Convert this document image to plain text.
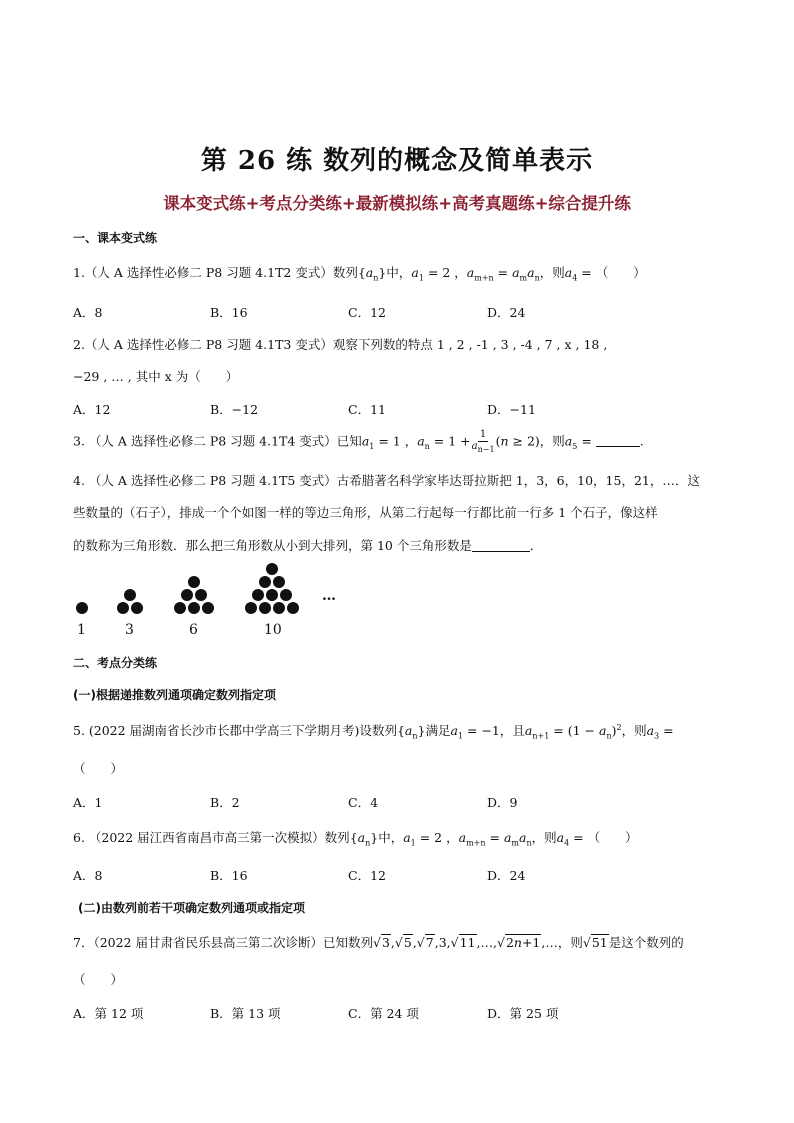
第 26 练 数列的概念及简单表示
课本变式练+考点分类练+最新模拟练+高考真题练+综合提升练
一、课本变式练
1.（人 A 选择性必修二 P8 习题 4.1T2 变式）数列$\{a_n\}$中，$a_1 = 2$ ，$a_{m+n} = a_ma_n$，则$a_4$ = （　　）
A．8	B．16	C．12	D．24
2.（人 A 选择性必修二 P8 习题 4.1T3 变式）观察下列数的特点 1 , 2 , -1 , 3 , -4 , 7 , x , 18 ,
−29 , … , 其中 x 为（　　）
A．12	B．−12	C．11	D．−11
3. （人 A 选择性必修二 P8 习题 4.1T4 变式）已知$a_1 = 1$ ，$a_n = 1 + \frac{1}{a_{n-1}} (n \ge 2)$，则$a_5$ =	.
4. （人 A 选择性必修二 P8 习题 4.1T5 变式）古希腊著名科学家毕达哥拉斯把 1，3，6，10，15，21，…．这
些数量的（石子），排成一个个如图一样的等边三角形，从第二行起每一行都比前一行多 1 个石子，像这样
的数称为三角形数．那么把三角形数从小到大排列，第 10 个三角形数是	．
…
1	3	6	10
二、考点分类练
(一)根据递推数列通项确定数列指定项
5. (2022 届湖南省长沙市长郡中学高三下学期月考)设数列$\{a_n\}$满足$a_1 = -1$，且$a_{n+1} = (1 - a_n)^2$，则$a_3$ =
（　　）
A．1	B．2	C．4	D．9
6. （2022 届江西省南昌市高三第一次模拟）数列$\{a_n\}$中，$a_1 = 2$ ，$a_{m+n} = a_ma_n$，则$a_4$ = （　　）
A．8	B．16	C．12	D．24
(二)由数列前若干项确定数列通项或指定项
7．（2022 届甘肃省民乐县高三第二次诊断）已知数列√3,√5,√7,3,√11,…,√2n+1,…，则√51是这个数列的
（　　）
A．第 12 项	B．第 13 项	C．第 24 项	D．第 25 项
